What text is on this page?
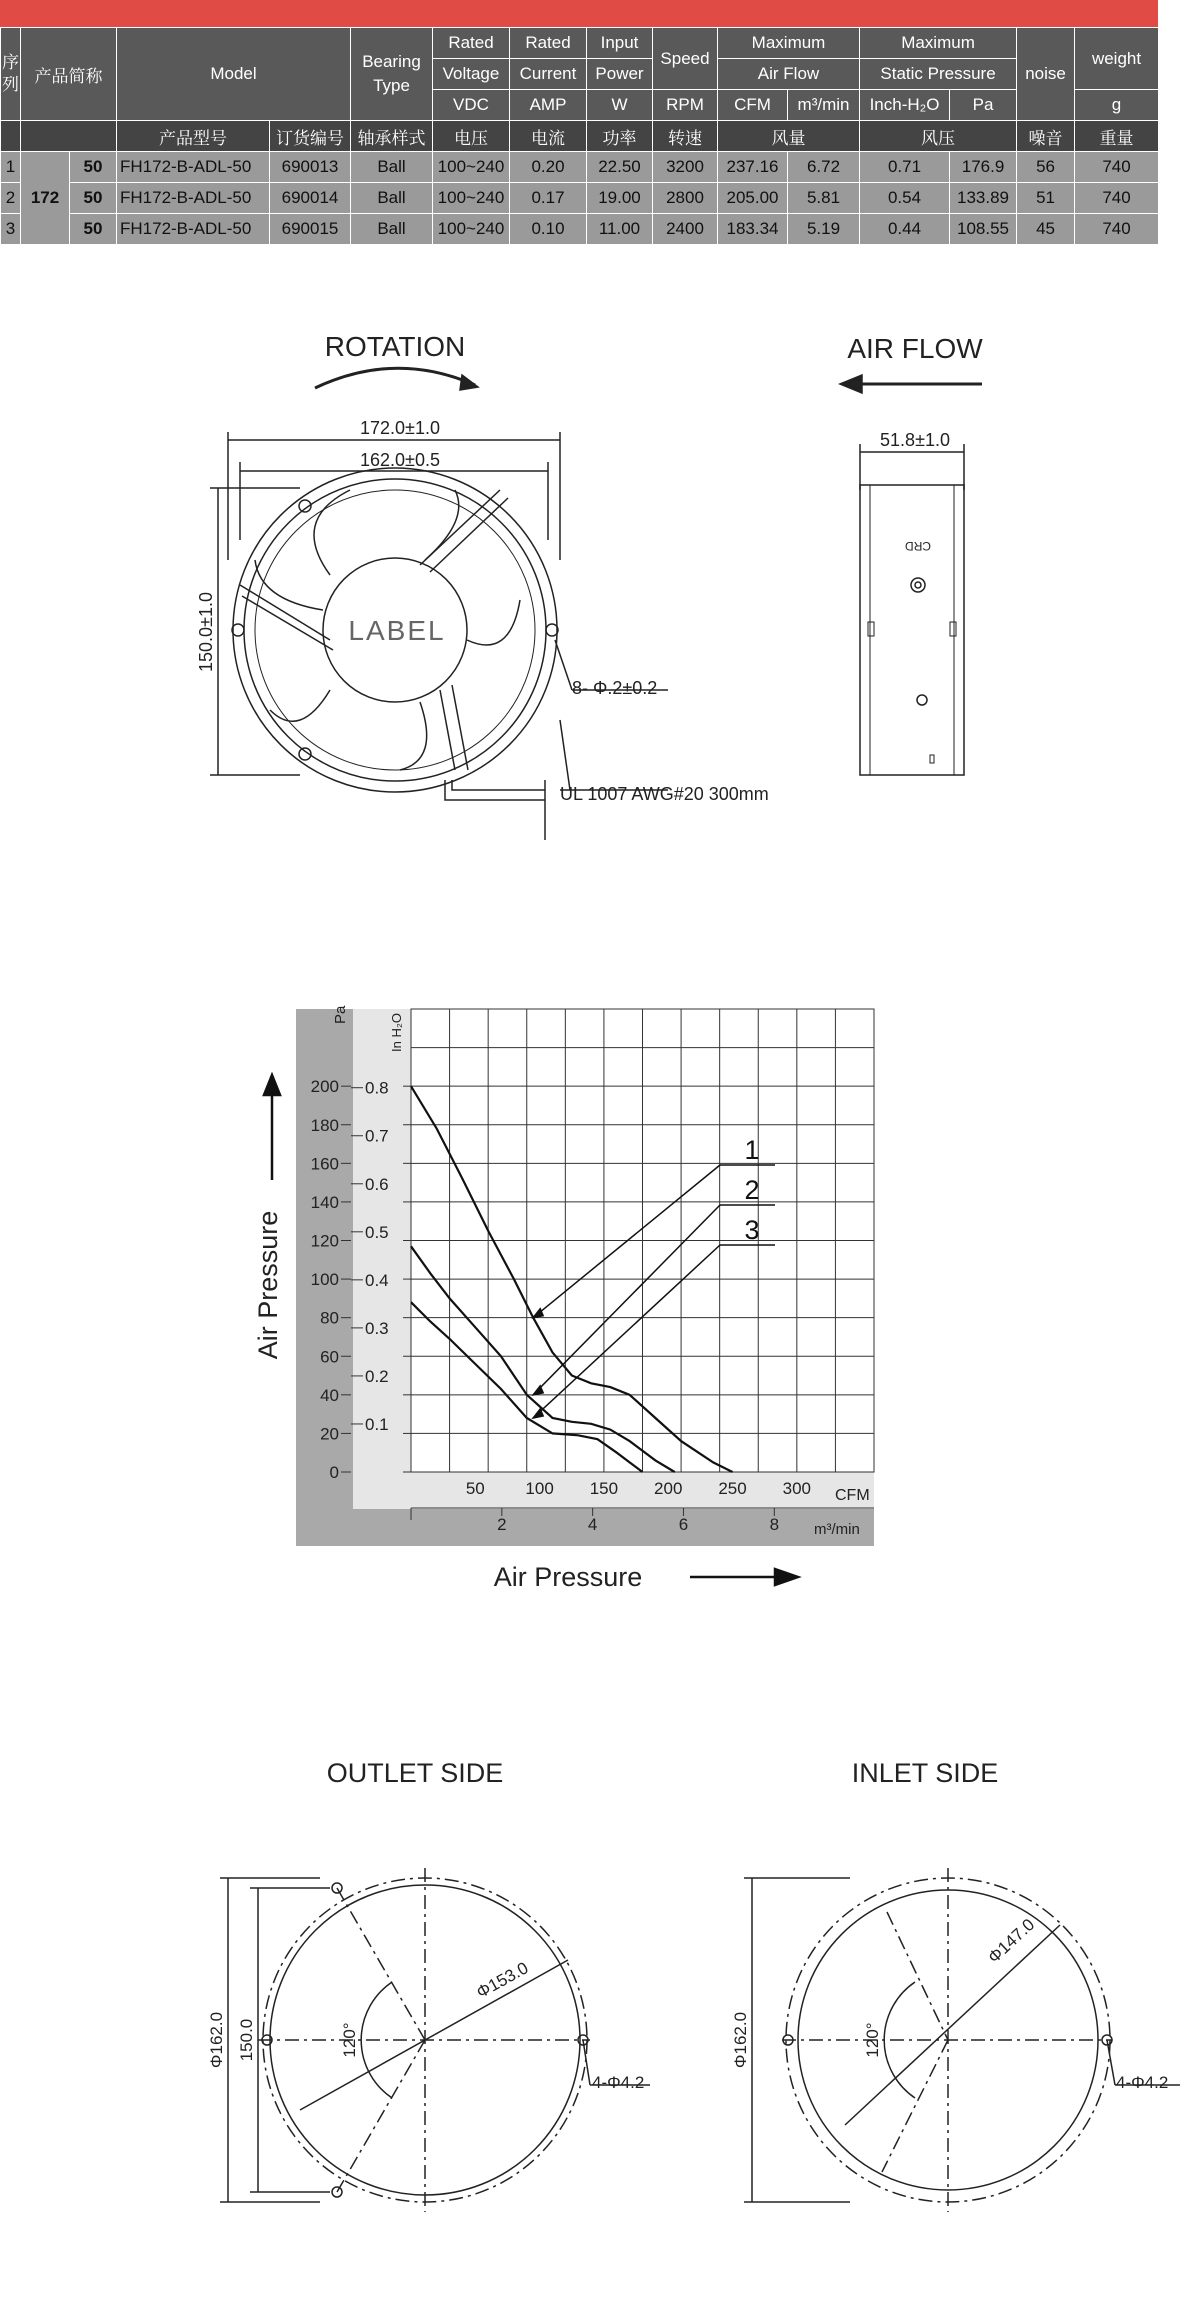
序列	产品简称		Model		Bearing Type	Rated	Rated	Input	Speed	Maximum		Maximum		noise	weight
						Voltage	Current	Power		Air Flow		Static Pressure			
						VDC	AMP	W	RPM	CFM	m³/min	Inch-H₂O	Pa		g
			产品型号	订货编号	轴承样式	电压	电流	功率	转速	风量		风压		噪音	重量
1	172	50	FH172-B-ADL-50	690013	Ball	100~240	0.20	22.50	3200	237.16	6.72	0.71	176.9	56	740
2		50	FH172-B-ADL-50	690014	Ball	100~240	0.17	19.00	2800	205.00	5.81	0.54	133.89	51	740
3		50	FH172-B-ADL-50	690015	Ball	100~240	0.10	11.00	2400	183.34	5.19	0.44	108.55	45	740
ROTATION	AIR FLOW
172.0±1.0
162.0±0.5
150.0±1.0
51.8±1.0
LABEL
8- Φ.2±0.2
UL 1007 AWG#20 300mm
CRD
0
20
40
60
80
100
120
140
160
180
200
0.1
0.2
0.3
0.4
0.5
0.6
0.7
0.8
50 100 150 200 250 300
2	4	6	8
1
2
3
Pa	In H₂O
CFM
m³/min
Air Pressure
Air Pressure
OUTLET SIDE	INLET SIDE
Φ162.0 150.0
Φ153.0
120°
4-Φ4.2
Φ162.0
Φ147.0
120°
4-Φ4.2
